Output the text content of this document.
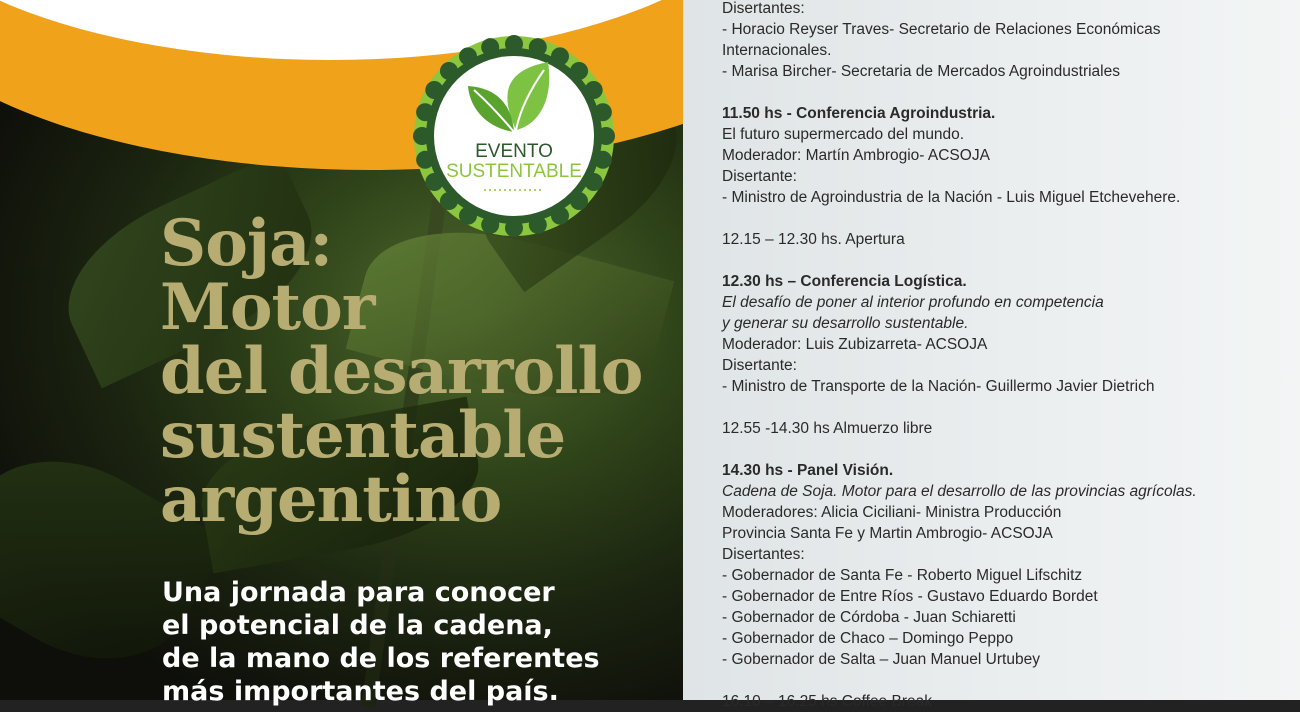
EVENTO
SUSTENTABLE
Soja:
Motor
del desarrollo
sustentable
argentino
Una jornada para conocer
el potencial de la cadena,
de la mano de los referentes
más importantes del país.
Disertantes:
- Horacio Reyser Traves- Secretario de Relaciones Económicas
Internacionales.
- Marisa Bircher- Secretaria de Mercados Agroindustriales
11.50 hs - Conferencia Agroindustria.
El futuro supermercado del mundo.
Moderador: Martín Ambrogio- ACSOJA
Disertante:
- Ministro de Agroindustria de la Nación - Luis Miguel Etchevehere.
12.15 – 12.30 hs. Apertura
12.30 hs – Conferencia Logística.
El desafío de poner al interior profundo en competencia
y generar su desarrollo sustentable.
Moderador: Luis Zubizarreta- ACSOJA
Disertante:
- Ministro de Transporte de la Nación- Guillermo Javier Dietrich
12.55 -14.30 hs Almuerzo libre
14.30 hs - Panel Visión.
Cadena de Soja. Motor para el desarrollo de las provincias agrícolas.
Moderadores: Alicia Ciciliani- Ministra Producción
Provincia Santa Fe y Martin Ambrogio- ACSOJA
Disertantes:
- Gobernador de Santa Fe - Roberto Miguel Lifschitz
- Gobernador de Entre Ríos - Gustavo Eduardo Bordet
- Gobernador de Córdoba - Juan Schiaretti
- Gobernador de Chaco – Domingo Peppo
- Gobernador de Salta – Juan Manuel Urtubey
16.10 – 16.25 hs Coffee Break
